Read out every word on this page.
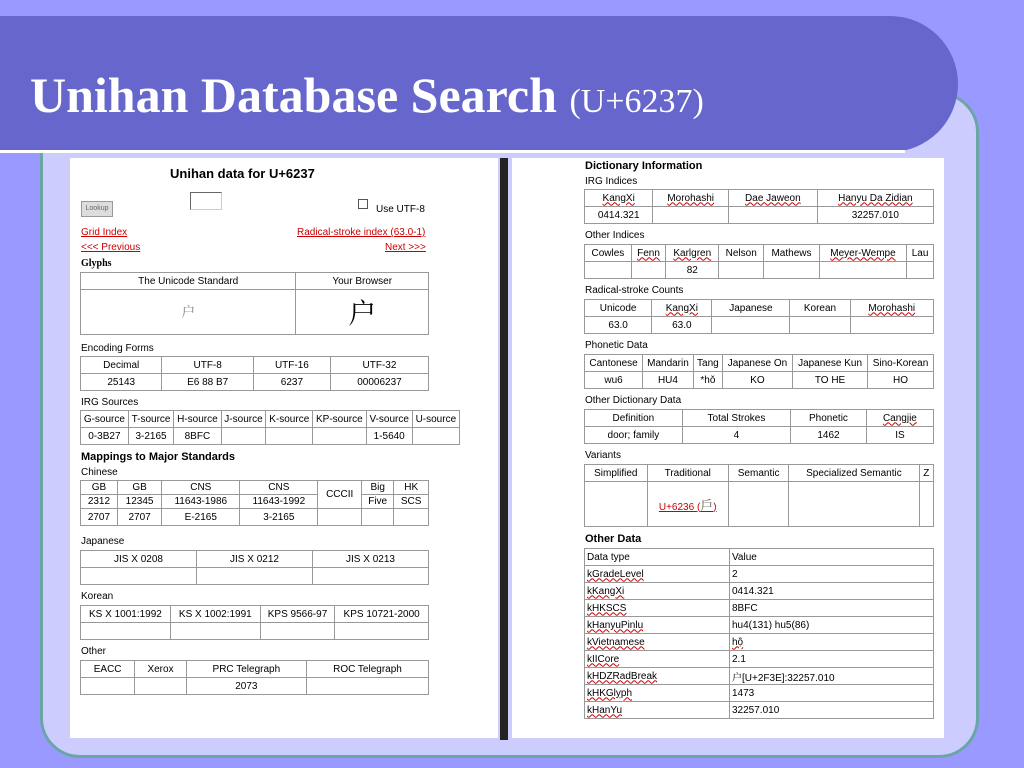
Unihan Database Search (U+6237)
Unihan data for U+6237
Lookup	Use UTF-8
Grid Index	Radical-stroke index (63.0-1)
<<< Previous	Next >>>
Glyphs
The Unicode Standard	Your Browser
户	户
Encoding Forms
Decimal	UTF-8	UTF-16	UTF-32
25143	E6 88 B7	6237	00006237
IRG Sources
G-source	T-source	H-source	J-source	K-source	KP-source	V-source	U-source
0-3B27	3-2165	8BFC				1-5640	
Mappings to Major Standards
Chinese
GB	GB	CNS	CNS	CCCII	Big	HK
2312	12345	11643-1986	11643-1992		Five	SCS
2707	2707	E-2165	3-2165			
Japanese
JIS X 0208	JIS X 0212	JIS X 0213

Korean
KS X 1001:1992	KS X 1002:1991	KPS 9566-97	KPS 10721-2000

Other
EACC	Xerox	PRC Telegraph	ROC Telegraph
		2073	
Dictionary Information
IRG Indices
KangXi	Morohashi	Dae Jaweon	Hanyu Da Zidian
0414.321			32257.010
Other Indices
Cowles	Fenn	Karlgren	Nelson	Mathews	Meyer-Wempe	Lau
		82				
Radical-stroke Counts
Unicode	KangXi	Japanese	Korean	Morohashi
63.0	63.0			
Phonetic Data
Cantonese	Mandarin	Tang	Japanese On	Japanese Kun	Sino-Korean
wu6	HU4	*hǒ	KO	TO HE	HO
Other Dictionary Data
Definition	Total Strokes	Phonetic	Cangjie
door; family	4	1462	IS
Variants
Simplified	Traditional	Semantic	Specialized Semantic	Z
	U+6236 (戶)			
Other Data
Data type	Value
kGradeLevel	2
kKangXi	0414.321
kHKSCS	8BFC
kHanyuPinlu	hu4(131) hu5(86)
kVietnamese	hộ
kIICore	2.1
kHDZRadBreak	⼾[U+2F3E]:32257.010
kHKGlyph	1473
kHanYu	32257.010
